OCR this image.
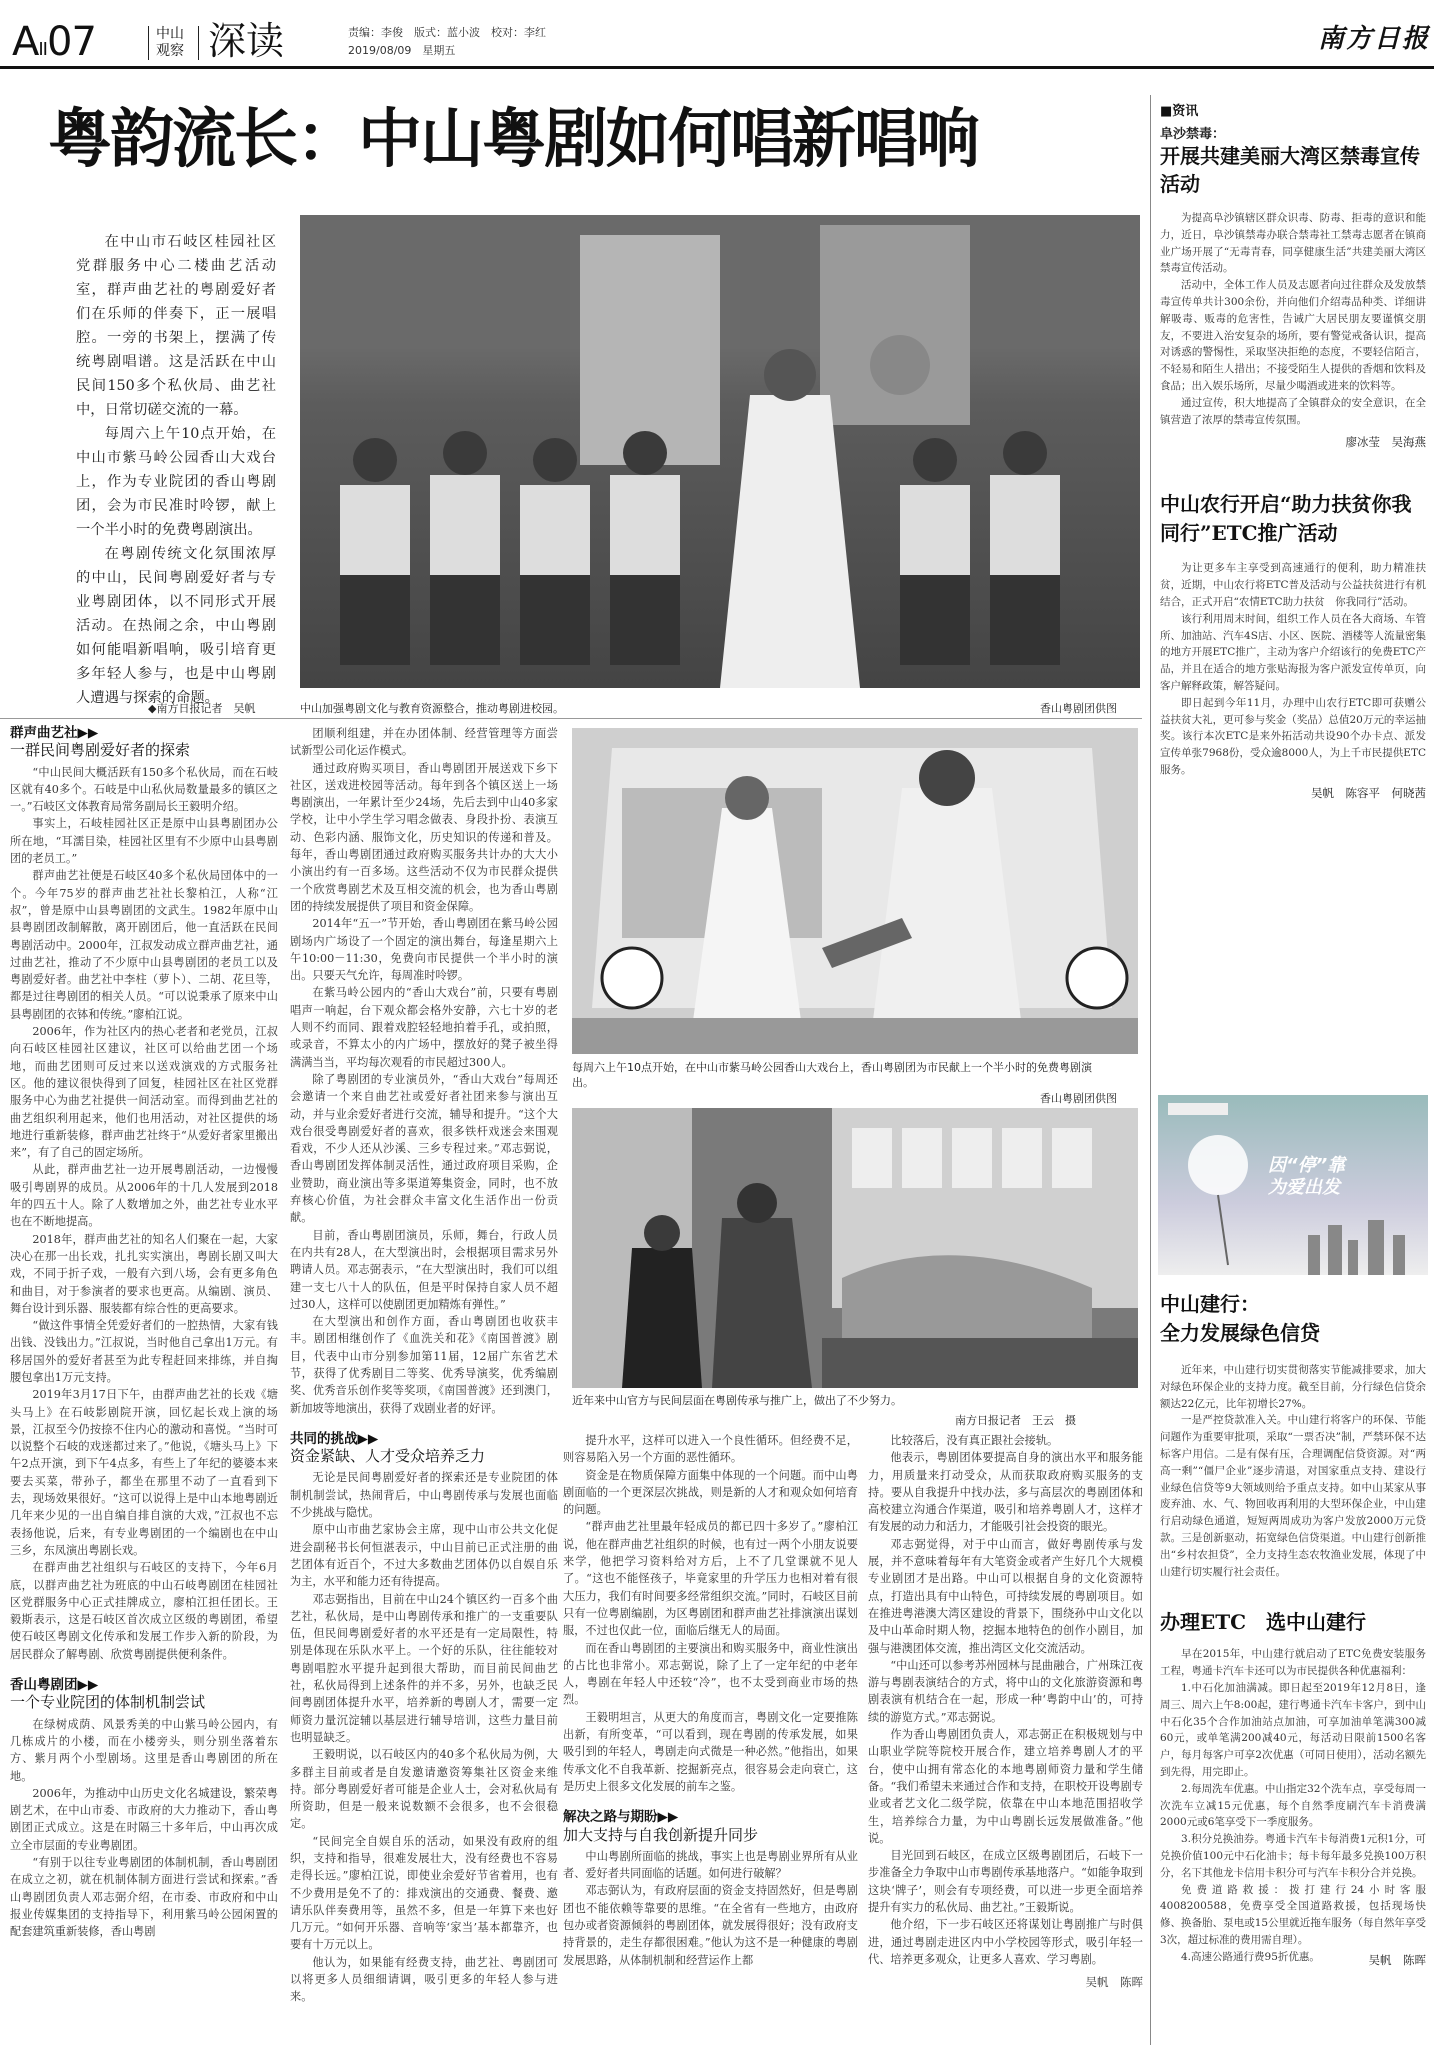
AII07	中山
观察 深读	责编：李俊　版式：蓝小波　校对：李红
2019/08/09　星期五	南方日报
粤韵流长：中山粤剧如何唱新唱响

在中山市石岐区桂园社区党群服务中心二楼曲艺活动室，群声曲艺社的粤剧爱好者们在乐师的伴奏下，正一展唱腔。一旁的书架上，摆满了传统粤剧唱谱。这是活跃在中山民间150多个私伙局、曲艺社中，日常切磋交流的一幕。

每周六上午10点开始，在中山市紫马岭公园香山大戏台上，作为专业院团的香山粤剧团，会为市民准时呤锣，献上一个半小时的免费粤剧演出。

在粤剧传统文化氛围浓厚的中山，民间粤剧爱好者与专业粤剧团体，以不同形式开展活动。在热闹之余，中山粤剧如何能唱新唱响，吸引培育更多年轻人参与，也是中山粤剧人遭遇与探索的命题。

◆南方日报记者　吴帆	中山加强粤剧文化与教育资源整合，推动粤剧进校园。	香山粤剧团供图
群声曲艺社▶▶
一群民间粤剧爱好者的探索

“中山民间大概活跃有150多个私伙局，而在石岐区就有40多个。石岐是中山私伙局数量最多的镇区之一。”石岐区文体教育局常务副局长王毅明介绍。

事实上，石岐桂园社区正是原中山县粤剧团办公所在地，“耳濡目染，桂园社区里有不少原中山县粤剧团的老员工。”

群声曲艺社便是石岐区40多个私伙局団体中的一个。今年75岁的群声曲艺社社长黎柏江，人称“江叔”，曾是原中山县粤剧团的文武生。1982年原中山县粤剧团改制解散，离开剧团后，他一直活跃在民间粤剧活动中。2000年，江叔发动成立群声曲艺社，通过曲艺社，推动了不少原中山县粤剧团的老员工以及粤剧爱好者。曲艺社中李柱（萝卜）、二胡、花旦等，都是过往粤剧团的相关人员。“可以说秉承了原来中山县粤剧团的衣钵和传统。”廖柏江说。

2006年，作为社区内的热心老者和老党员，江叔向石岐区桂园社区建议，社区可以给曲艺团一个场地，而曲艺团则可反过来以送戏演戏的方式服务社区。他的建议很快得到了回复，桂园社区在社区党群服务中心为曲艺社提供一间活动室。而得到曲艺社的曲艺组织利用起来，他们也用活动，对社区提供的场地进行重新装修，群声曲艺社终于“从爱好者家里搬出来”，有了自己的固定场所。

从此，群声曲艺社一边开展粤剧活动，一边慢慢吸引粤剧界的成员。从2006年的十几人发展到2018年的四五十人。除了人数增加之外，曲艺社专业水平也在不断地提高。

2018年，群声曲艺社的知名人们聚在一起，大家决心在那一出长戏，扎扎实实演出，粤剧长剧又叫大戏，不同于折子戏，一般有六到八场，会有更多角色和曲目，对于参演者的要求也更高。从编剧、演员、舞台设计到乐器、服装都有综合性的更高要求。

“做这件事情全凭爱好者们的一腔热情，大家有钱出钱、没钱出力。”江叔说，当时他自己拿出1万元。有移居国外的爱好者甚至为此专程赶回来排练，并自掏腰包拿出1万元支持。

2019年3月17日下午，由群声曲艺社的长戏《塘头马上》在石岐影剧院开演，回忆起长戏上演的场景，江叔至今仍按捺不住内心的激动和喜悦。“当时可以说整个石岐的戏迷都过来了。”他说，《塘头马上》下午2点开演，到下午4点多，有些上了年纪的婆婆本来要去买菜，带孙子，都坐在那里不动了一直看到下去，现场效果很好。“这可以说得上是中山本地粤剧近几年来少见的一出自编自排自演的大戏，”江叔也不忘表扬他说，后来，有专业粤剧团的一个编剧也在中山三乡，东凤演出粤剧长戏。

在群声曲艺社组织与石岐区的支持下，今年6月底，以群声曲艺社为班底的中山石岐粤剧团在桂园社区党群服务中心正式挂牌成立，廖柏江担任团长。王毅斯表示，这是石岐区首次成立区级的粤剧团，希望使石岐区粤剧文化传承和发展工作步入新的阶段，为居民群众了解粤剧、欣赏粤剧提供便利条件。

香山粤剧团▶▶
一个专业院团的体制机制尝试

在绿树成荫、风景秀美的中山紫马岭公园内，有几栋成片的小楼，而在小楼旁头，则分别坐落着东方、紫月两个小型剧场。这里是香山粤剧团的所在地。

2006年，为推动中山历史文化名城建设，繁荣粤剧艺术，在中山市委、市政府的大力推动下，香山粤剧团正式成立。这是在时隔三十多年后，中山再次成立全市层面的专业粤剧团。

“有别于以往专业粤剧团的体制机制，香山粤剧团在成立之初，就在机制体制方面进行尝试和探索。”香山粤剧团负责人邓志弼介绍，在市委、市政府和中山报业传媒集团的支持指导下，利用紫马岭公园闲置的配套建筑重新装修，香山粤剧

团顺利组建，并在办团体制、经营管理等方面尝试新型公司化运作模式。

通过政府购买项目，香山粤剧团开展送戏下乡下社区，送戏进校园等活动。每年到各个镇区送上一场粤剧演出，一年累计至少24场，先后去到中山40多家学校，让中小学生学习唱念做表、身段扑扮、表演互动、色彩内涵、服饰文化，历史知识的传递和普及。每年，香山粤剧团通过政府购买服务共计办的大大小小演出约有一百多场。这些活动不仅为市民群众提供一个欣赏粤剧艺术及互相交流的机会，也为香山粤剧团的持续发展提供了项目和资金保障。

2014年“五一”节开始，香山粤剧团在紫马岭公园剧场内广场设了一个固定的演出舞台，每逢星期六上午10:00－11:30，免费向市民提供一个半小时的演出。只要天气允许，每周准时呤锣。

在紫马岭公园内的“香山大戏台”前，只要有粤剧唱声一响起，台下观众都会格外安静，六七十岁的老人则不约而同、跟着戏腔轻轻地拍着手孔，或拍照，或录音，不算太小的内广场中，摆放好的凳子被坐得满满当当，平均每次观看的市民超过300人。

除了粤剧团的专业演员外，“香山大戏台”每周还会邀请一个来自曲艺社或爱好者社团来参与演出互动，并与业余爱好者进行交流，辅导和提升。“这个大戏台很受粤剧爱好者的喜欢，很多铁杆戏迷会来围观看戏，不少人还从沙溪、三乡专程过来。”邓志弼说，香山粤剧团发挥体制灵活性，通过政府项目采购，企业赞助，商业演出等多渠道筹集资金，同时，也不放弃核心价值，为社会群众丰富文化生活作出一份贡献。

目前，香山粤剧团演员，乐师，舞台，行政人员在内共有28人，在大型演出时，会根据项目需求另外聘请人员。邓志弼表示，“在大型演出时，我们可以组建一支七八十人的队伍，但是平时保持自家人员不超过30人，这样可以使剧团更加精炼有弹性。”

在大型演出和创作方面，香山粤剧团也收获丰丰。剧团相继创作了《血洗关和花》《南国普渡》剧目，代表中山市分别参加第11届，12届广东省艺术节，获得了优秀剧目二等奖、优秀导演奖，优秀编剧奖、优秀音乐创作奖等奖项，《南国普渡》还到澳门，新加坡等地演出，获得了戏剧业者的好评。

共同的挑战▶▶
资金紧缺、人才受众培养乏力

无论是民间粤剧爱好者的探索还是专业院团的体制机制尝试，热闹背后，中山粤剧传承与发展也面临不少挑战与隐忧。

原中山市曲艺家协会主席，现中山市公共文化促进会副秘书长何恒湛表示，中山目前已正式注册的曲艺团体有近百个，不过大多数曲艺团体仍以自娱自乐为主，水平和能力还有待提高。

邓志弼指出，目前在中山24个镇区约一百多个曲艺社，私伙局，是中山粤剧传承和推广的一支重要队伍，但民间粤剧爱好者的水平还是有一定局限性，特别是体现在乐队水平上。一个好的乐队，往往能较对粤剧唱腔水平提升起到很大帮助，而目前民间曲艺社，私伙局得到上述条件的并不多，另外，也缺乏民间粤剧团体提升水平，培养新的粤剧人才，需要一定师资力量沉淀辅以基层进行辅导培训，这些力量目前也明显缺乏。

王毅明说，以石岐区内的40多个私伙局为例，大多群主目前或者是自发邀请邀资筹集社区资金来维持。部分粤剧爱好者可能是企业人士，会对私伙局有所资助，但是一般来说数额不会很多，也不会很稳定。

“民间完全自娱自乐的活动，如果没有政府的组织，支持和指导，很难发展壮大，没有经费也不容易走得长远。”廖柏江说，即使业余爱好节省着用，也有不少费用是免不了的：排戏演出的交通费、餐费、邀请乐队伴奏费用等，虽然不多，但是一年算下来也好几万元。“如何开乐器、音响等‘家当’基本都靠齐，也要有十万元以上。

他认为，如果能有经费支持，曲艺社、粤剧团可以将更多人员细细请调，吸引更多的年轻人参与进来。

每周六上午10点开始，在中山市紫马岭公园香山大戏台上，香山粤剧团为市民献上一个半小时的免费粤剧演出。
香山粤剧团供图
近年来中山官方与民间层面在粤剧传承与推广上，做出了不少努力。
南方日报记者　王云　摄

提升水平，这样可以进入一个良性循环。但经费不足，则容易陷入另一个方面的恶性循环。

资金是在物质保障方面集中体现的一个问题。而中山粤剧面临的一个更深层次挑战，则是新的人才和观众如何培育的问题。

“群声曲艺社里最年轻成员的都已四十多岁了。”廖柏江说，他在群声曲艺社组织的时候，也有过一两个小朋友说要来学，他把学习资料给对方后，上不了几堂课就不见人了。“这也不能怪孩子，毕竟家里的升学压力也相对着有很大压力，我们有时间要多经常组织交流。”同时，石岐区目前只有一位粤剧编剧，为区粤剧团和群声曲艺社排演演出谋划服，不过也仅此一位，面临后继无人的局面。

而在香山粤剧团的主要演出和购买服务中，商业性演出的占比也非常小。邓志弼说，除了上了一定年纪的中老年人，粤剧在年轻人中还较“冷”，也不太受到商业市场的热烈。

王毅明坦言，从更大的角度而言，粤剧文化一定要推陈出新，有所变革，“可以看到，现在粤剧的传承发展，如果吸引到的年轻人，粤剧走向式微是一种必然。”他指出，如果传承文化不自我革新、挖掘新亮点，很容易会走向衰亡，这是历史上很多文化发展的前车之鉴。

解决之路与期盼▶▶
加大支持与自我创新提升同步

中山粤剧所面临的挑战，事实上也是粤剧业界所有从业者、爱好者共同面临的话题。如何进行破解？

邓志弼认为，有政府层面的资金支持固然好，但是粤剧团也不能依赖等靠要的思维。“在全省有一些地方，由政府包办或者资源倾斜的粤剧团体，就发展得很好；没有政府支持背景的，走生存都很困难。”他认为这不是一种健康的粤剧发展思路，从体制机制和经营运作上都

比较落后，没有真正跟社会接轨。

他表示，粤剧团体要提高自身的演出水平和服务能力，用质量来打动受众，从而获取政府购买服务的支持。要从自我提升中找办法，多与高层次的粤剧团体和高校建立沟通合作渠道，吸引和培养粤剧人才，这样才有发展的动力和活力，才能吸引社会投资的眼光。

邓志弼觉得，对于中山而言，做好粤剧传承与发展，并不意味着每年有大笔资金或者产生好几个大规模专业剧团才是出路。中山可以根据自身的文化资源特点，打造出具有中山特色，可持续发展的粤剧项目。如在推进粤港澳大湾区建设的背景下，围绕孙中山文化以及中山革命时期人物，挖掘本地特色的创作小剧目，加强与港澳团体交流，推出湾区文化交流活动。

“中山还可以参考苏州园林与昆曲融合，广州珠江夜游与粤剧表演结合的方式，将中山的文化旅游资源和粤剧表演有机结合在一起，形成一种‘粤韵中山’的，可持续的游览方式。”邓志弼说。

作为香山粤剧团负责人，邓志弼正在积极规划与中山职业学院等院校开展合作，建立培养粤剧人才的平台，使中山拥有常态化的本地粤剧师资力量和学生储备。“我们希望未来通过合作和支持，在职校开设粤剧专业或者艺文化二级学院，依靠在中山本地范围招收学生，培养综合力量，为中山粤剧长远发展做准备。”他说。

目光回到石岐区，在成立区级粤剧团后，石岐下一步准备全力争取中山市粤剧传承基地落户。“如能争取到这块‘牌子’，则会有专项经费，可以进一步更全面培养提升有实力的私伙局、曲艺社。”王毅斯说。

他介绍，下一步石岐区还将谋划让粤剧推广与时俱进，通过粤剧走进区内中小学校园等形式，吸引年轻一代、培养更多观众，让更多人喜欢、学习粤剧。

吴帆　陈晖
■资讯
阜沙禁毒：
开展共建美丽大湾区禁毒宣传活动

为提高阜沙镇辖区群众识毒、防毒、拒毒的意识和能力，近日，阜沙镇禁毒办联合禁毒社工禁毒志愿者在镇商业广场开展了“无毒青春，同享健康生活”共建美丽大湾区禁毒宣传活动。

活动中，全体工作人员及志愿者向过往群众及发放禁毒宣传单共计300余份，并向他们介绍毒品种类、详细讲解吸毒、贩毒的危害性，告诫广大居民朋友要谨慎交朋友，不要进入治安复杂的场所，要有警觉戒备认识，提高对诱惑的警惕性，采取坚决拒绝的态度，不要轻信陌言，不轻易和陌生人措出；不接受陌生人提供的香烟和饮料及食品；出入娱乐场所，尽量少喝酒或进来的饮料等。

通过宣传，积大地提高了全镇群众的安全意识，在全镇营造了浓厚的禁毒宣传氛围。

廖冰莹　吴海燕
中山农行开启“助力扶贫你我同行”ETC推广活动

为让更多车主享受到高速通行的便利，助力精准扶贫，近期，中山农行将ETC普及活动与公益扶贫进行有机结合，正式开启“农情ETC助力扶贫　你我同行”活动。

该行利用周末时间，组织工作人员在各大商场、车管所、加油站、汽车4S店、小区、医院、酒楼等人流量密集的地方开展ETC推广，主动为客户介绍该行的免费ETC产品，并且在适合的地方张贴海报为客户派发宣传单页，向客户解释政策，解答疑问。

即日起到今年11月，办理中山农行ETC即可获赠公益扶贫大礼，更可参与奖金（奖品）总值20万元的幸运抽奖。该行本次ETC是来外拓活动共设90个办卡点、派发宣传单张7968份，受众逾8000人，为上千市民提供ETC服务。

吴帆　陈容平　何晓茜
因“停”靠
为爱出发
中山建行：
全力发展绿色信贷

近年来，中山建行切实贯彻落实节能减排要求，加大对绿色环保企业的支持力度。截至目前，分行绿色信贷余额达22亿元，比年初增长27%。

一是严控贷款准入关。中山建行将客户的环保、节能问题作为重要审批项，采取“一票否决”制，严禁环保不达标客户用信。二是有保有压，合理调配信贷资源。对“两高一剩”“僵尸企业”逐步清退，对国家重点支持、建设行业绿色信贷等9大领域则给予重点支持。如中山某家从事废弃油、水、气、物回收再利用的大型环保企业，中山建行启动绿色通道，短短两周成功为客户发放2000万元贷款。三是创新驱动，拓宽绿色信贷渠道。中山建行创新推出“乡村农担贷”，全力支持生态农牧渔业发展，体现了中山建行切实履行社会责任。

办理ETC　选中山建行

早在2015年，中山建行就启动了ETC免费安装服务工程，粤通卡汽车卡还可以为市民提供各种优惠福利：

1.中石化加油满减。即日起至2019年12月8日，逢周三、周六上午8:00起，建行粤通卡汽车卡客户，到中山中石化35个合作加油站点加油，可享加油单笔满300减60元，或单笔满200减40元，每活动日限前1500名客户，每月每客户可享2次优惠（可同日使用），活动名额先到先得，用完即止。

2.每周洗车优惠。中山指定32个洗车点，享受每周一次洗车立减15元优惠，每个自然季度刷汽车卡消费满2000元或6笔享受下一季度服务。

3.积分兑换油券。粤通卡汽车卡每消费1元积1分，可兑换价值100元中石化油卡；每卡每年最多兑换100万积分，名下其他龙卡信用卡积分可与汽车卡积分合并兑换。

免费道路救援：拨打建行24小时客服4008200588，免费享受全国道路救援，包括现场快修、换备胎、泵电或15公里就近拖车服务（每自然年享受3次，超过标准的费用需自理）。

4.高速公路通行费95折优惠。	吴帆　陈晖
